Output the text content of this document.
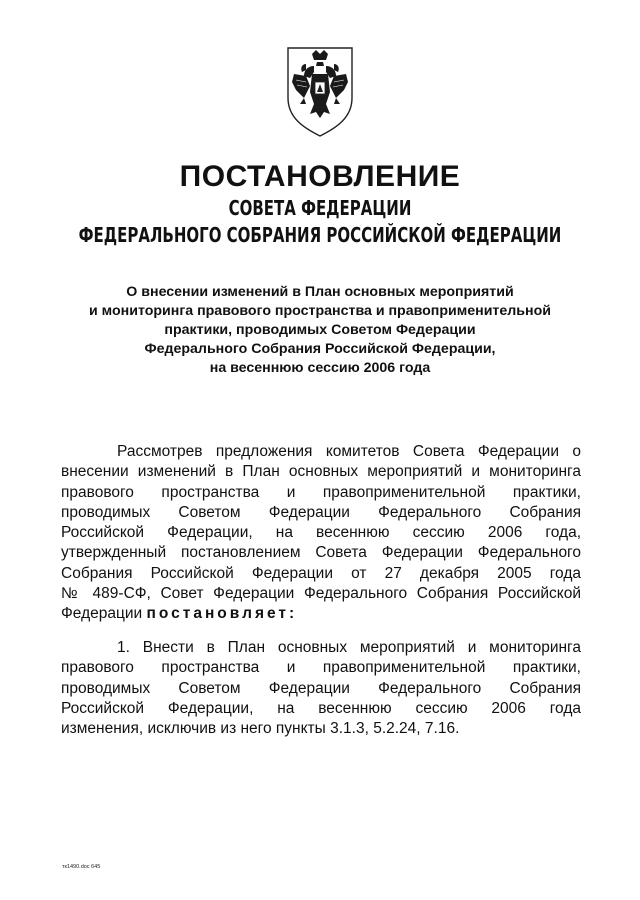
ПОСТАНОВЛЕНИЕ
СОВЕТА ФЕДЕРАЦИИ
ФЕДЕРАЛЬНОГО СОБРАНИЯ РОССИЙСКОЙ ФЕДЕРАЦИИ
О внесении изменений в План основных мероприятий
и мониторинга правового пространства и правоприменительной
практики, проводимых Советом Федерации
Федерального Собрания Российской Федерации,
на весеннюю сессию 2006 года
Рассмотрев предложения комитетов Совета Федерации о
внесении изменений в План основных мероприятий и мониторинга
правового пространства и правоприменительной практики,
проводимых Советом Федерации Федерального Собрания
Российской Федерации, на весеннюю сессию 2006 года,
утвержденный постановлением Совета Федерации Федерального
Собрания Российской Федерации от 27 декабря 2005 года
№ 489-СФ, Совет Федерации Федерального Собрания Российской
Федерации постановляет:
1. Внести в План основных мероприятий и мониторинга
правового пространства и правоприменительной практики,
проводимых Советом Федерации Федерального Собрания
Российской Федерации, на весеннюю сессию 2006 года
изменения, исключив из него пункты 3.1.3, 5.2.24, 7.16.
тк1490.doc 645
